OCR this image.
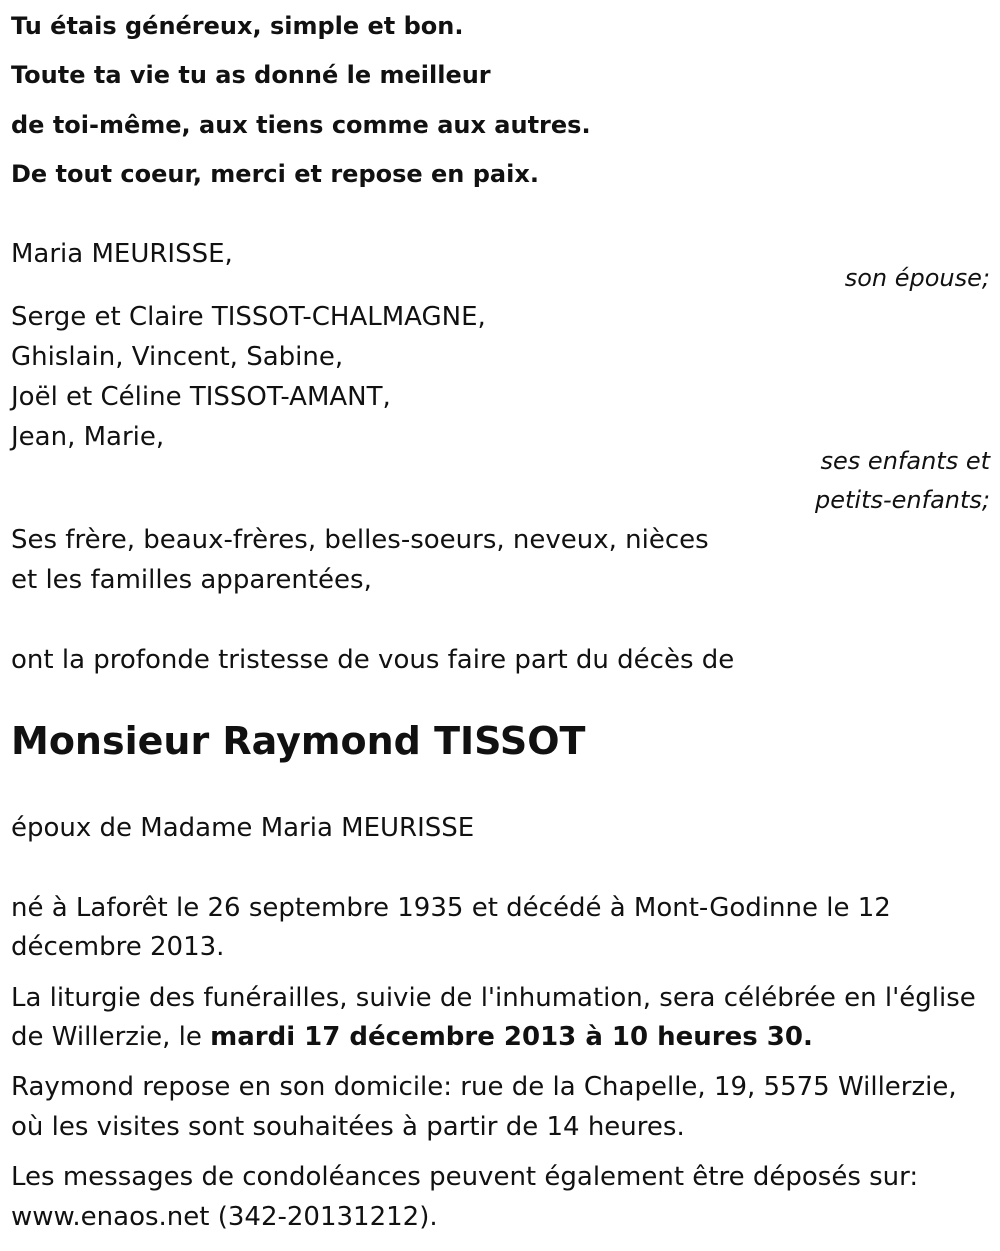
Tu étais généreux, simple et bon.
Toute ta vie tu as donné le meilleur
de toi-même, aux tiens comme aux autres.
De tout coeur, merci et repose en paix.
Maria MEURISSE,
son épouse;
Serge et Claire TISSOT-CHALMAGNE,
Ghislain, Vincent, Sabine,
Joël et Céline TISSOT-AMANT,
Jean, Marie,
ses enfants et
petits-enfants;
Ses frère, beaux-frères, belles-soeurs, neveux, nièces
et les familles apparentées,
ont la profonde tristesse de vous faire part du décès de
Monsieur Raymond TISSOT
époux de Madame Maria MEURISSE
né à Laforêt le 26 septembre 1935 et décédé à Mont-Godinne le 12
décembre 2013.
La liturgie des funérailles, suivie de l'inhumation, sera célébrée en l'église
de Willerzie, le mardi 17 décembre 2013 à 10 heures 30.
Raymond repose en son domicile: rue de la Chapelle, 19, 5575 Willerzie,
où les visites sont souhaitées à partir de 14 heures.
Les messages de condoléances peuvent également être déposés sur:
www.enaos.net (342-20131212).
